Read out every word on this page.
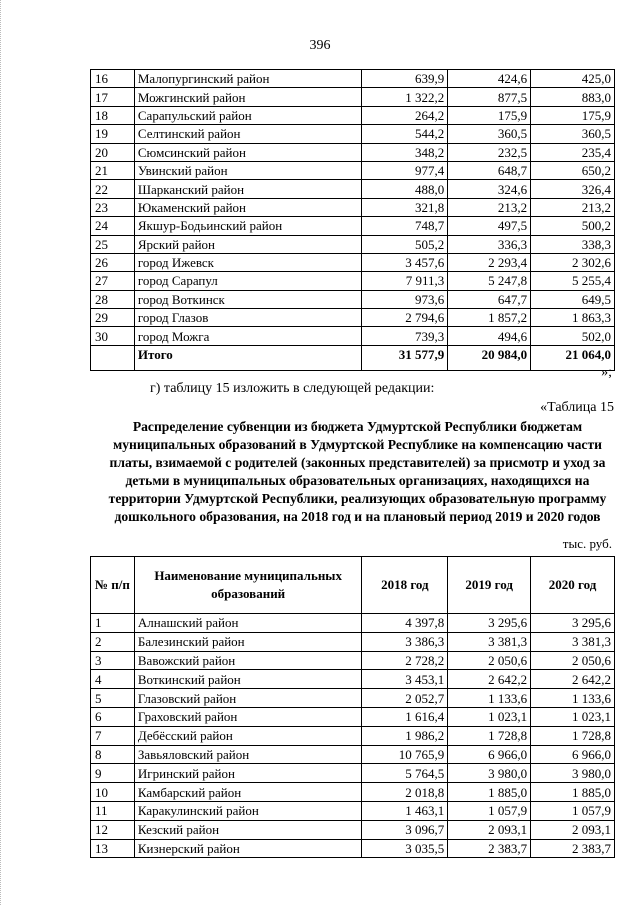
396
16	Малопургинский район	639,9	424,6	425,0
17	Можгинский район	1 322,2	877,5	883,0
18	Сарапульский район	264,2	175,9	175,9
19	Селтинский район	544,2	360,5	360,5
20	Сюмсинский район	348,2	232,5	235,4
21	Увинский район	977,4	648,7	650,2
22	Шарканский район	488,0	324,6	326,4
23	Юкаменский район	321,8	213,2	213,2
24	Якшур-Бодьинский район	748,7	497,5	500,2
25	Ярский район	505,2	336,3	338,3
26	город Ижевск	3 457,6	2 293,4	2 302,6
27	город Сарапул	7 911,3	5 247,8	5 255,4
28	город Воткинск	973,6	647,7	649,5
29	город Глазов	2 794,6	1 857,2	1 863,3
30	город Можга	739,3	494,6	502,0
	Итого	31 577,9	20 984,0	21 064,0
»;
г) таблицу 15 изложить в следующей редакции:
«Таблица 15
Распределение субвенции из бюджета Удмуртской Республики бюджетам муниципальных образований в Удмуртской Республике на компенсацию части платы, взимаемой с родителей (законных представителей) за присмотр и уход за детьми в муниципальных образовательных организациях, находящихся на территории Удмуртской Республики, реализующих образовательную программу дошкольного образования, на 2018 год и на плановый период 2019 и 2020 годов
тыс. руб.
№ п/п	Наименование муниципальных образований	2018 год	2019 год	2020 год
1	Алнашский район	4 397,8	3 295,6	3 295,6
2	Балезинский район	3 386,3	3 381,3	3 381,3
3	Вавожский район	2 728,2	2 050,6	2 050,6
4	Воткинский район	3 453,1	2 642,2	2 642,2
5	Глазовский район	2 052,7	1 133,6	1 133,6
6	Граховский район	1 616,4	1 023,1	1 023,1
7	Дебёсский район	1 986,2	1 728,8	1 728,8
8	Завьяловский район	10 765,9	6 966,0	6 966,0
9	Игринский район	5 764,5	3 980,0	3 980,0
10	Камбарский район	2 018,8	1 885,0	1 885,0
11	Каракулинский район	1 463,1	1 057,9	1 057,9
12	Кезский район	3 096,7	2 093,1	2 093,1
13	Кизнерский район	3 035,5	2 383,7	2 383,7
